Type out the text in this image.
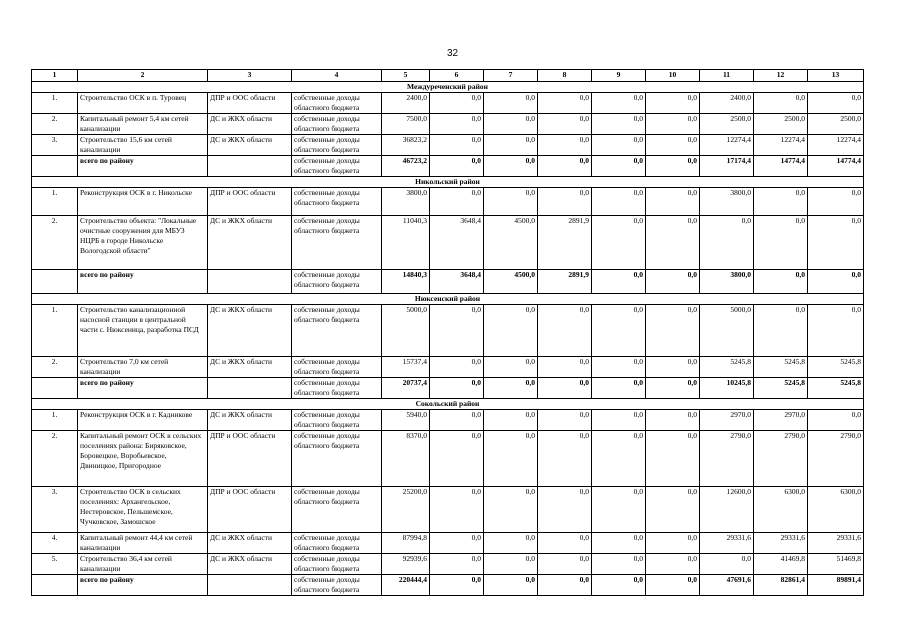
32
1	2	3	4	5	6	7	8	9	10	11	12	13
Междуреченский район												
1.	Строительство ОСК в п. Туровец	ДПР и ООС области	собственные доходы областного бюджета	2400,0	0,0	0,0	0,0	0,0	0,0	2400,0	0,0	0,0
2.	Капитальный ремонт 5,4 км сетей канализации	ДС и ЖКХ области	собственные доходы областного бюджета	7500,0	0,0	0,0	0,0	0,0	0,0	2500,0	2500,0	2500,0
3.	Строительство 15,6 км сетей канализации	ДС и ЖКХ области	собственные доходы областного бюджета	36823,2	0,0	0,0	0,0	0,0	0,0	12274,4	12274,4	12274,4
	всего по району		собственные доходы областного бюджета	46723,2	0,0	0,0	0,0	0,0	0,0	17174,4	14774,4	14774,4
Никольский район												
1.	Реконструкция ОСК в г. Никольске	ДПР и ООС области	собственные доходы областного бюджета	3800,0	0,0	0,0	0,0	0,0	0,0	3800,0	0,0	0,0
2.	Строительство объекта: "Локальные очистные сооружения для МБУЗ НЦРБ в городе Никольске Вологодской области"	ДС и ЖКХ области	собственные доходы областного бюджета	11040,3	3648,4	4500,0	2891,9	0,0	0,0	0,0	0,0	0,0
	всего по району		собственные доходы областного бюджета	14840,3	3648,4	4500,0	2891,9	0,0	0,0	3800,0	0,0	0,0
Нюксенский район												
1.	Строительство канализационной насосной станции в центральной части с. Нюксеница, разработка ПСД	ДС и ЖКХ области	собственные доходы областного бюджета	5000,0	0,0	0,0	0,0	0,0	0,0	5000,0	0,0	0,0
2.	Строительство 7,0 км сетей канализации	ДС и ЖКХ области	собственные доходы областного бюджета	15737,4	0,0	0,0	0,0	0,0	0,0	5245,8	5245,8	5245,8
	всего по району		собственные доходы областного бюджета	20737,4	0,0	0,0	0,0	0,0	0,0	10245,8	5245,8	5245,8
Сокольский район												
1.	Реконструкция ОСК в г. Кадникове	ДС и ЖКХ области	собственные доходы областного бюджета	5940,0	0,0	0,0	0,0	0,0	0,0	2970,0	2970,0	0,0
2.	Капитальный ремонт ОСК в сельских поселениях района: Биряковское, Боровецкое, Воробьевское, Двиницкое, Пригородное	ДПР и ООС области	собственные доходы областного бюджета	8370,0	0,0	0,0	0,0	0,0	0,0	2790,0	2790,0	2790,0
3.	Строительство ОСК в сельских поселениях: Архангельское, Нестеровское, Пельшемское, Чучковское, Замошское	ДПР и ООС области	собственные доходы областного бюджета	25200,0	0,0	0,0	0,0	0,0	0,0	12600,0	6300,0	6300,0
4.	Капитальный ремонт 44,4 км сетей канализации	ДС и ЖКХ области	собственные доходы областного бюджета	87994,8	0,0	0,0	0,0	0,0	0,0	29331,6	29331,6	29331,6
5.	Строительство 36,4 км сетей канализации	ДС и ЖКХ области	собственные доходы областного бюджета	92939,6	0,0	0,0	0,0	0,0	0,0	0,0	41469,8	51469,8
	всего по району		собственные доходы областного бюджета	220444,4	0,0	0,0	0,0	0,0	0,0	47691,6	82861,4	89891,4
